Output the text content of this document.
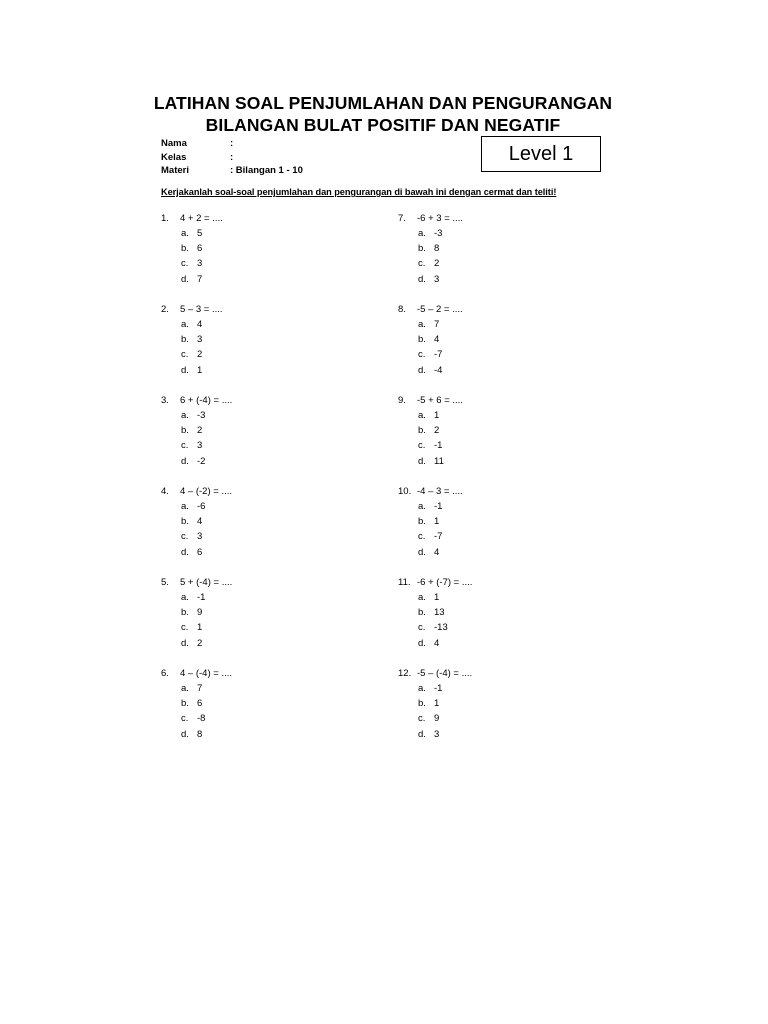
LATIHAN SOAL PENJUMLAHAN DAN PENGURANGAN
BILANGAN BULAT POSITIF DAN NEGATIF
Nama	:
Kelas	:
Materi	: Bilangan 1 - 10
Level 1
Kerjakanlah soal-soal penjumlahan dan pengurangan di bawah ini dengan cermat dan teliti!
1. 4 + 2 = ....
a. 5
b. 6
c. 3
d. 7
2. 5 – 3 = ....
a. 4
b. 3
c. 2
d. 1
3. 6 + (-4) = ....
a. -3
b. 2
c. 3
d. -2
4. 4 – (-2) = ....
a. -6
b. 4
c. 3
d. 6
5. 5 + (-4) = ....
a. -1
b. 9
c. 1
d. 2
6. 4 – (-4) = ....
a. 7
b. 6
c. -8
d. 8
7. -6 + 3 = ....
a. -3
b. 8
c. 2
d. 3
8. -5 – 2 = ....
a. 7
b. 4
c. -7
d. -4
9. -5 + 6 = ....
a. 1
b. 2
c. -1
d. 11
10. -4 – 3 = ....
a. -1
b. 1
c. -7
d. 4
11. -6 + (-7) = ....
a. 1
b. 13
c. -13
d. 4
12. -5 – (-4) = ....
a. -1
b. 1
c. 9
d. 3
